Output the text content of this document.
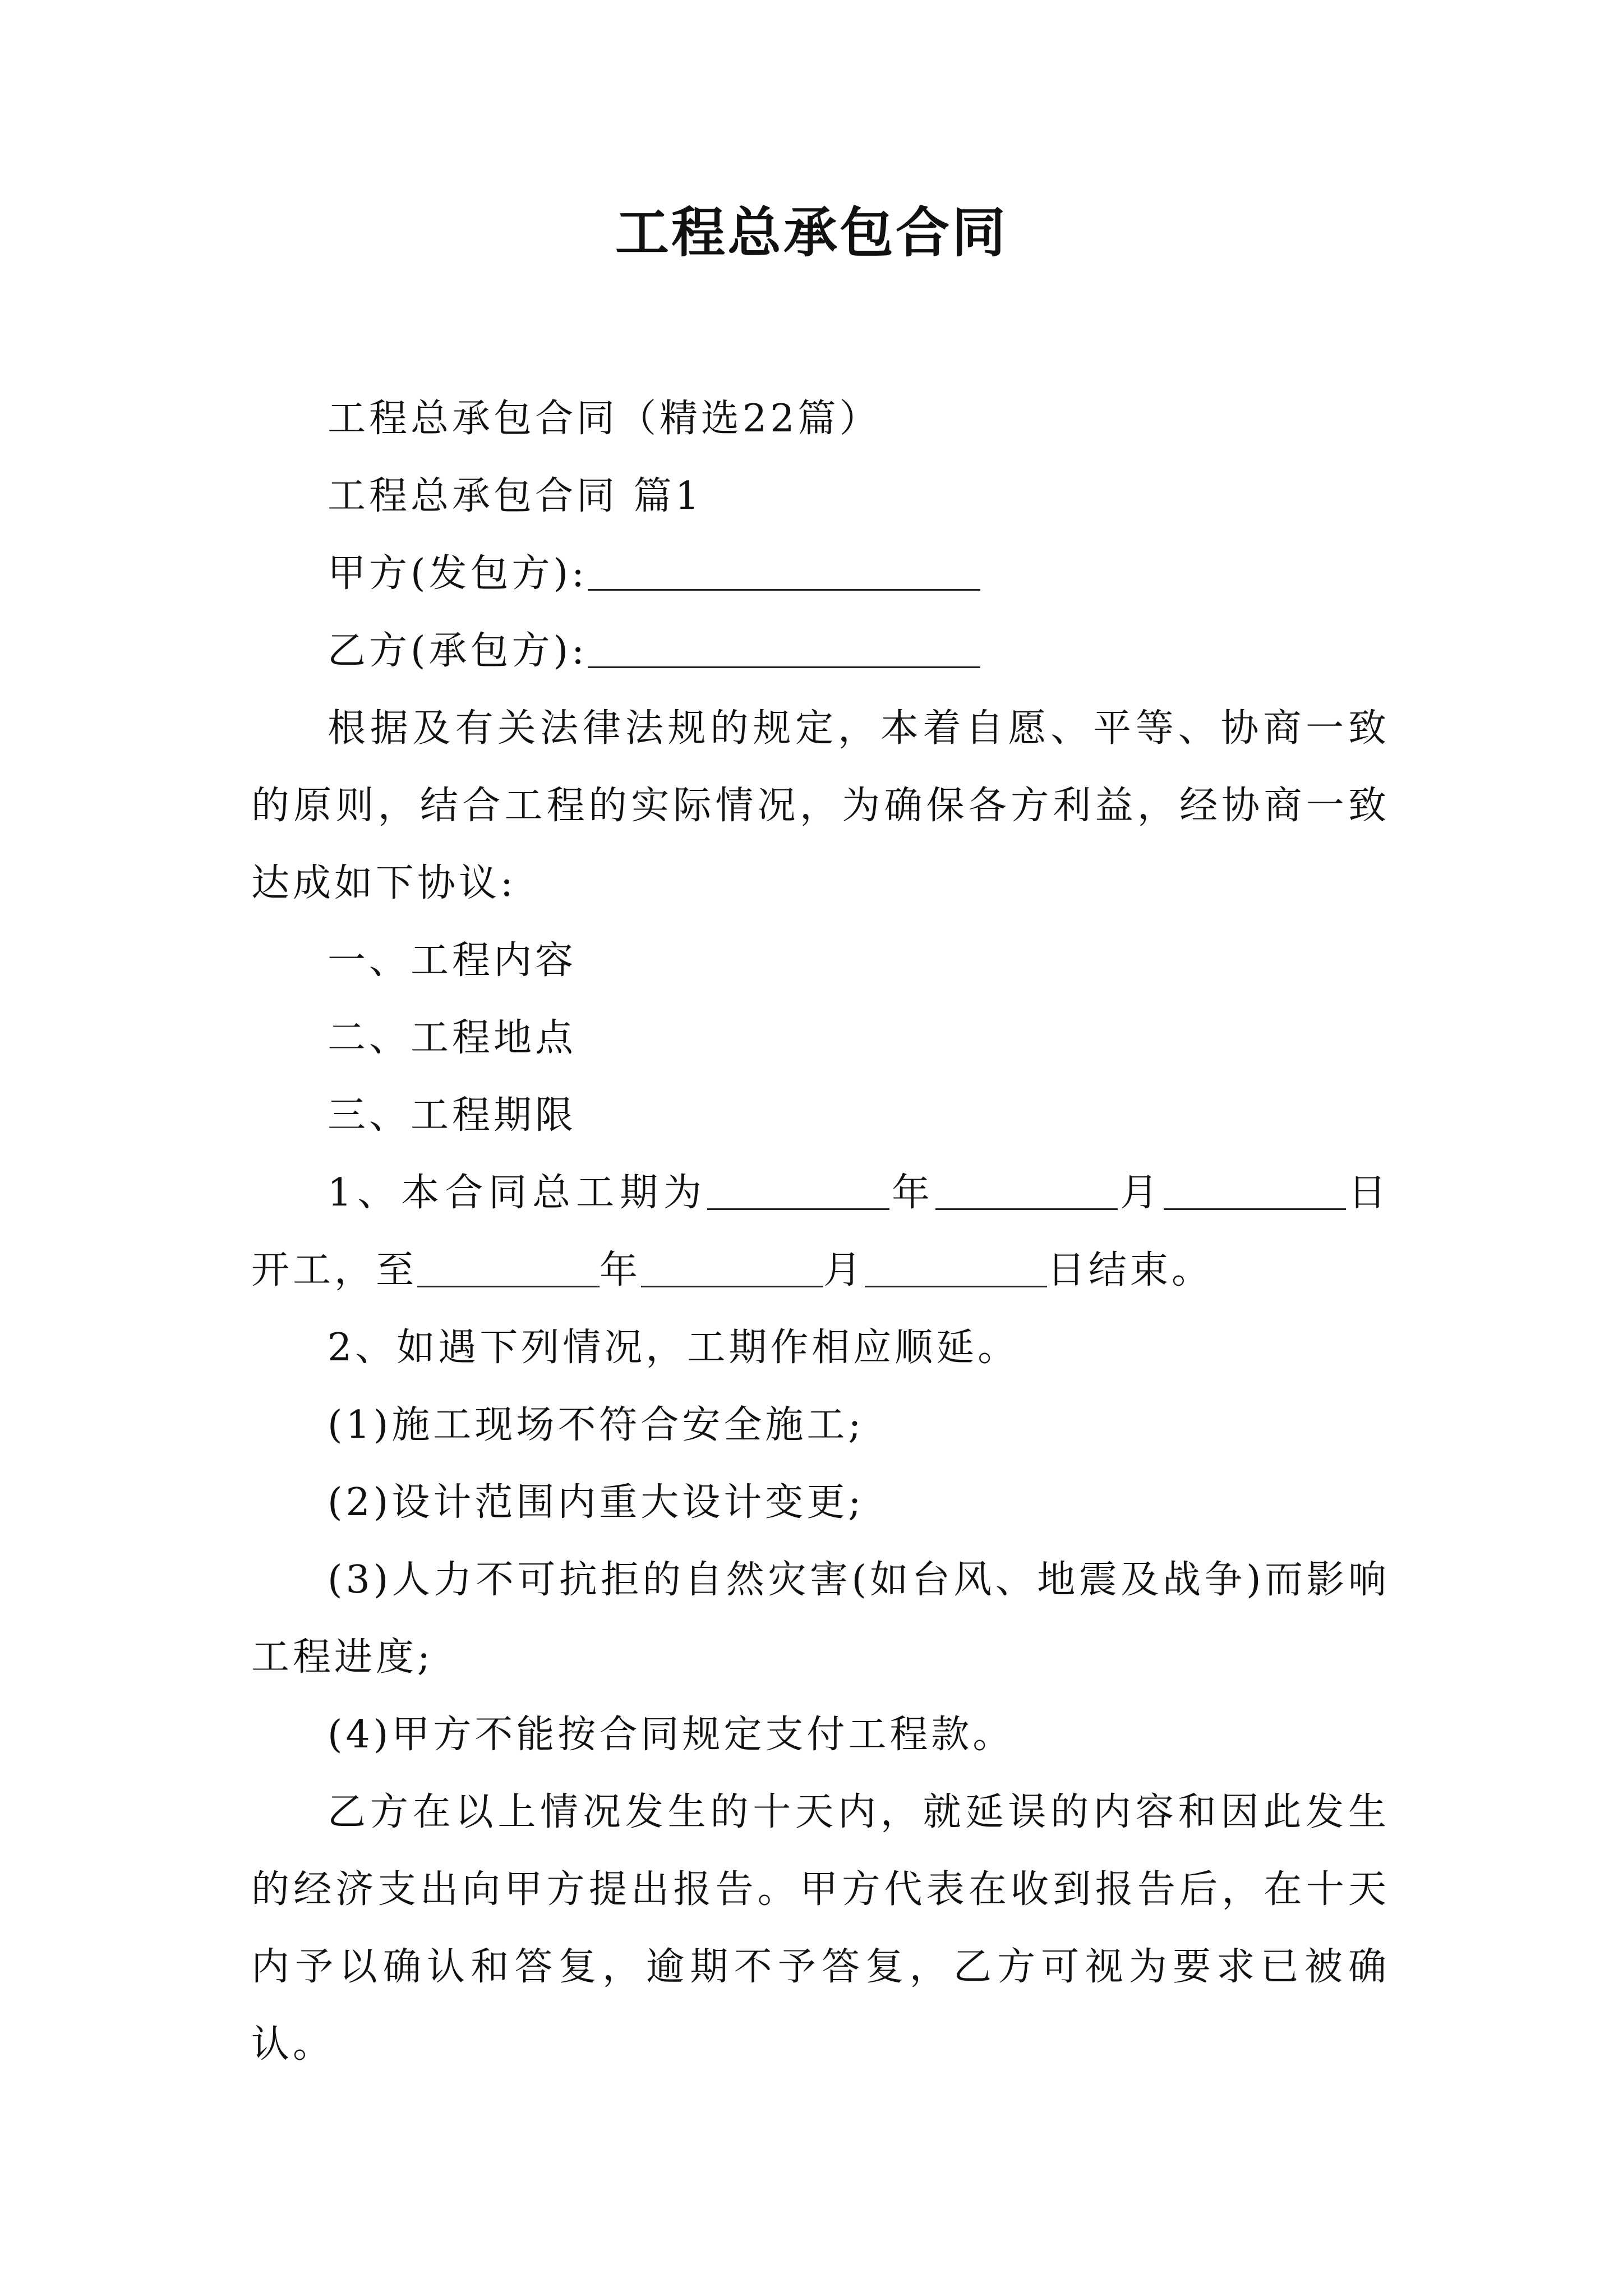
工程总承包合同

工程总承包合同（精选22篇）

工程总承包合同 篇1

甲方(发包方):

乙方(承包方):

根据及有关法律法规的规定，本着自愿、平等、协商一致的原则，结合工程的实际情况，为确保各方利益，经协商一致达成如下协议:

一、工程内容

二、工程地点

三、工程期限

1、本合同总工期为	年	月	日开工，至	年	月	日结束。

2、如遇下列情况，工期作相应顺延。

(1)施工现场不符合安全施工;

(2)设计范围内重大设计变更;

(3)人力不可抗拒的自然灾害(如台风、地震及战争)而影响工程进度;

(4)甲方不能按合同规定支付工程款。

乙方在以上情况发生的十天内，就延误的内容和因此发生的经济支出向甲方提出报告。甲方代表在收到报告后，在十天内予以确认和答复，逾期不予答复，乙方可视为要求已被确认。
